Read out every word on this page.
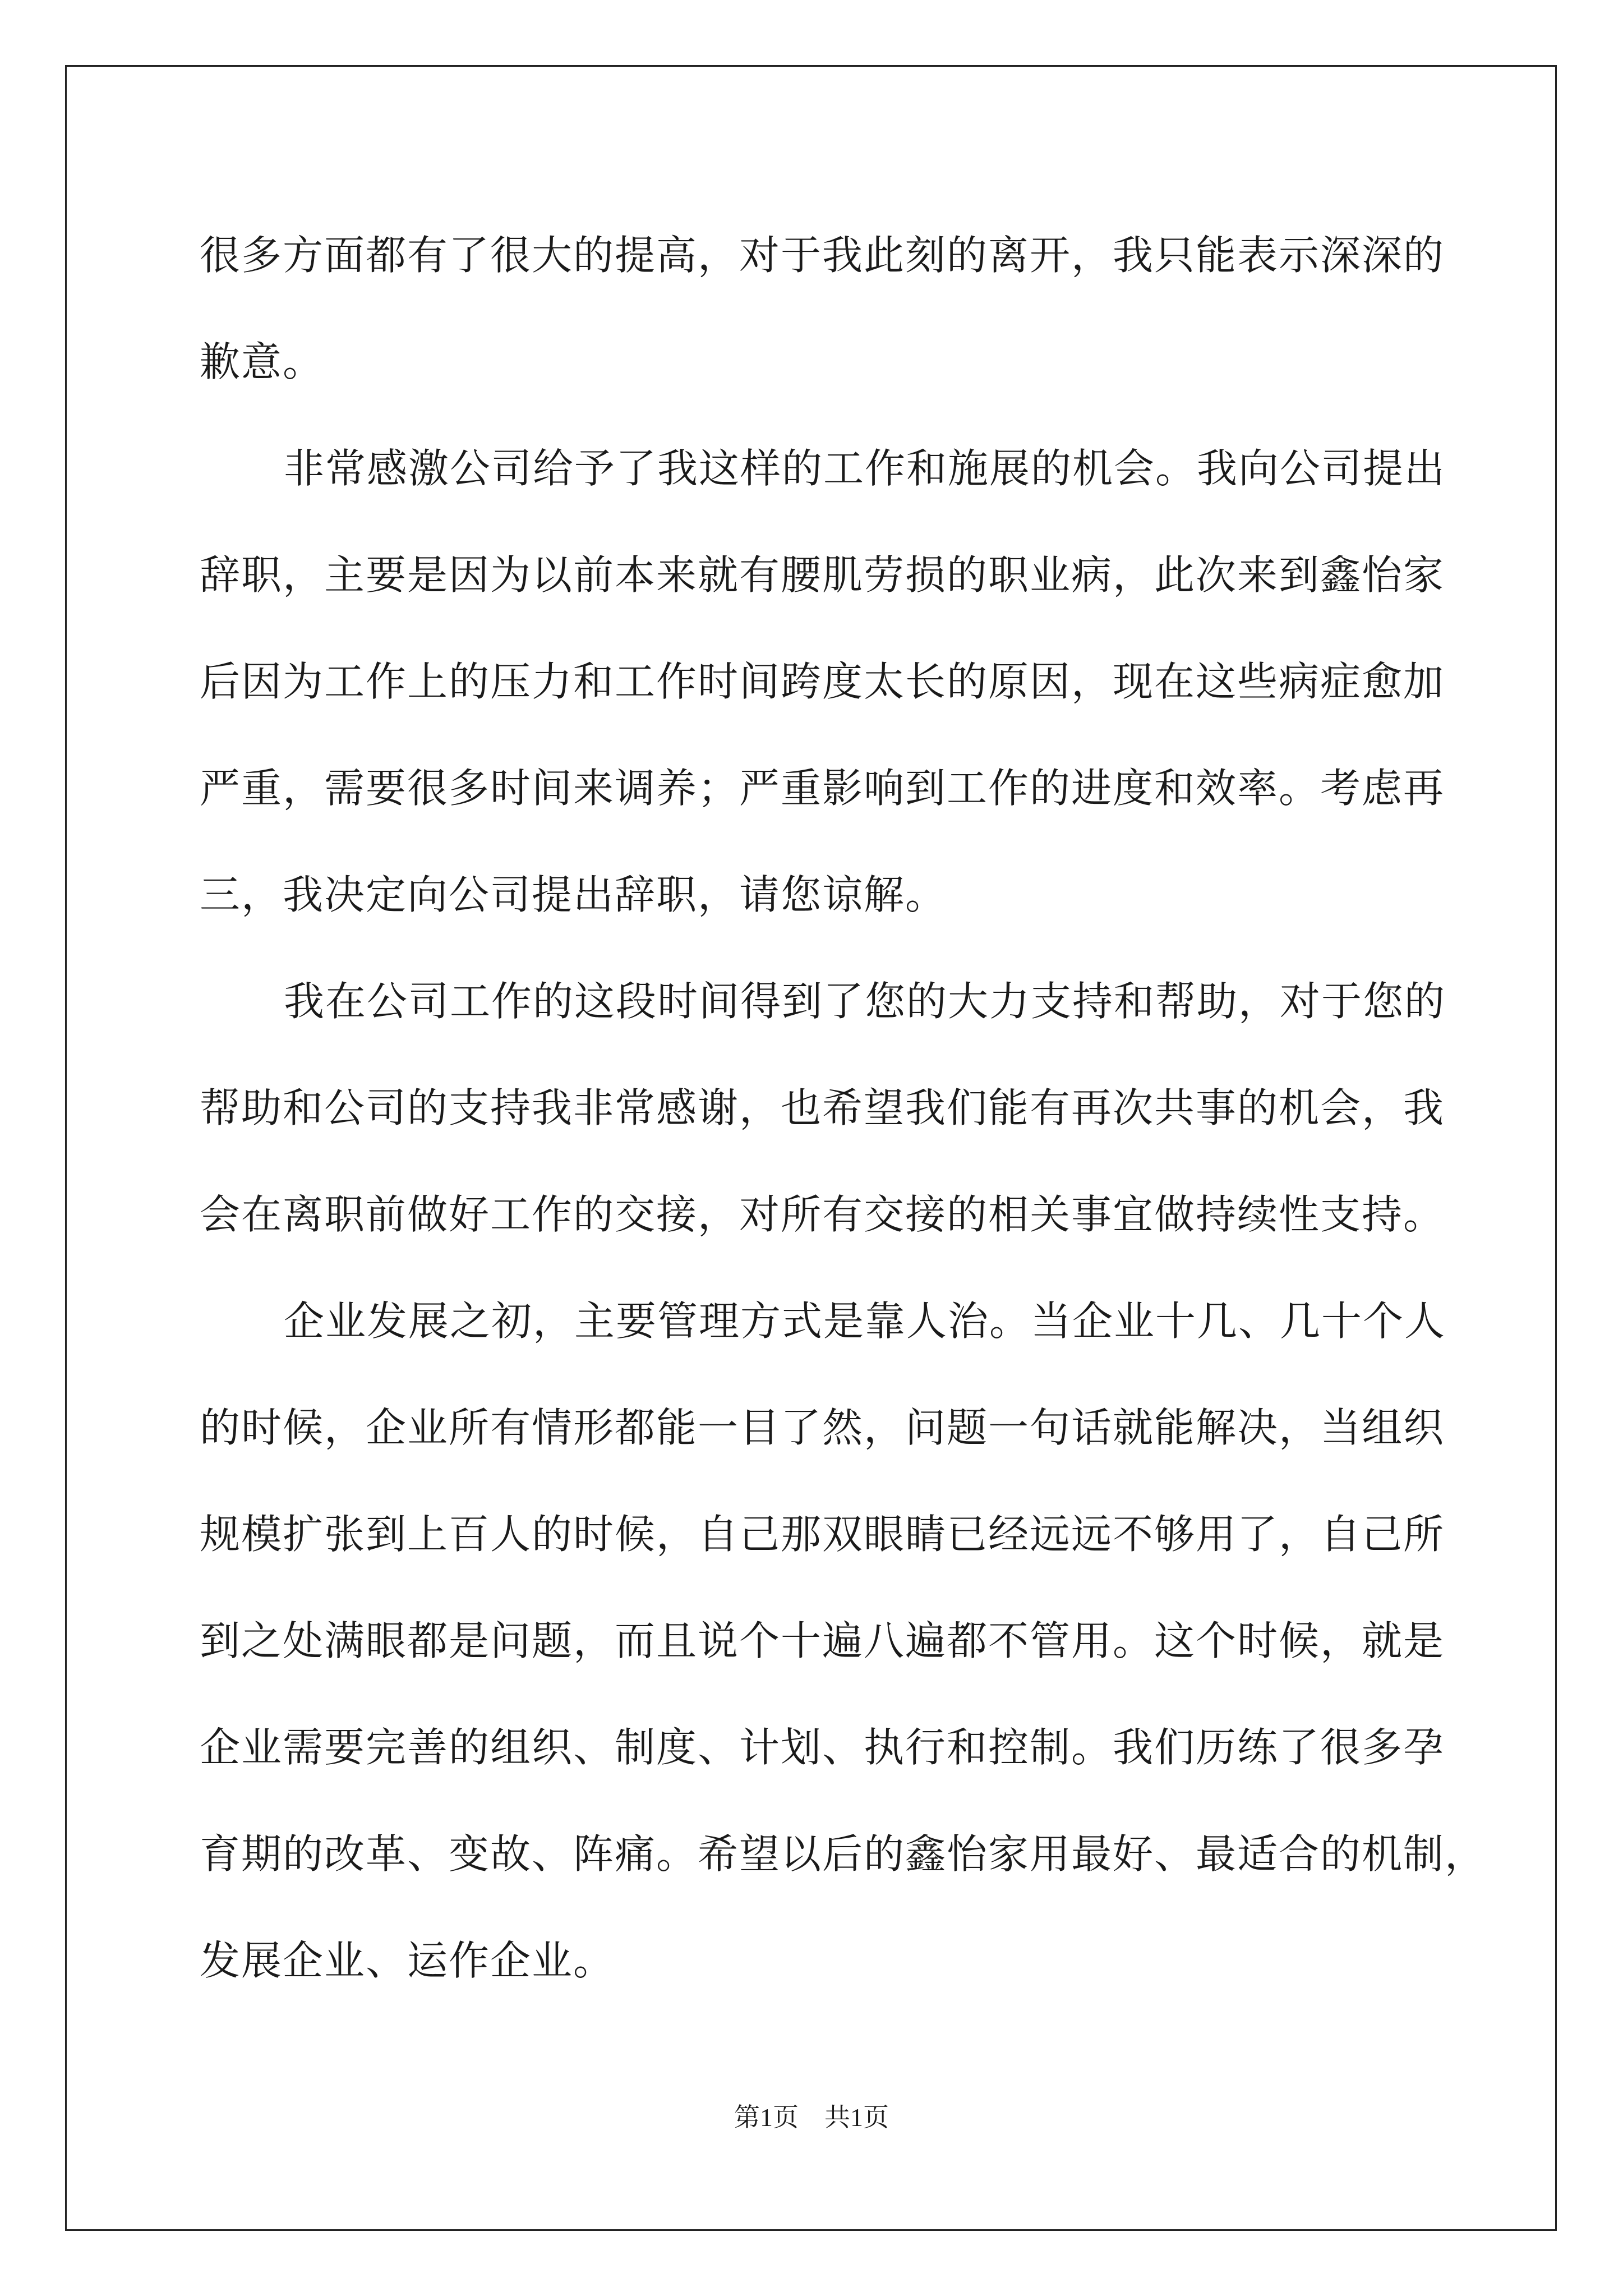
很多方面都有了很大的提高，对于我此刻的离开，我只能表示深深的
歉意。
非常感激公司给予了我这样的工作和施展的机会。我向公司提出
辞职，主要是因为以前本来就有腰肌劳损的职业病，此次来到鑫怡家
后因为工作上的压力和工作时间跨度太长的原因，现在这些病症愈加
严重，需要很多时间来调养；严重影响到工作的进度和效率。考虑再
三，我决定向公司提出辞职，请您谅解。
我在公司工作的这段时间得到了您的大力支持和帮助，对于您的
帮助和公司的支持我非常感谢，也希望我们能有再次共事的机会，我
会在离职前做好工作的交接，对所有交接的相关事宜做持续性支持。
企业发展之初，主要管理方式是靠人治。当企业十几、几十个人
的时候，企业所有情形都能一目了然，问题一句话就能解决，当组织
规模扩张到上百人的时候，自己那双眼睛已经远远不够用了，自己所
到之处满眼都是问题，而且说个十遍八遍都不管用。这个时候，就是
企业需要完善的组织、制度、计划、执行和控制。我们历练了很多孕
育期的改革、变故、阵痛。希望以后的鑫怡家用最好、最适合的机制，
发展企业、运作企业。
第1页　共1页
